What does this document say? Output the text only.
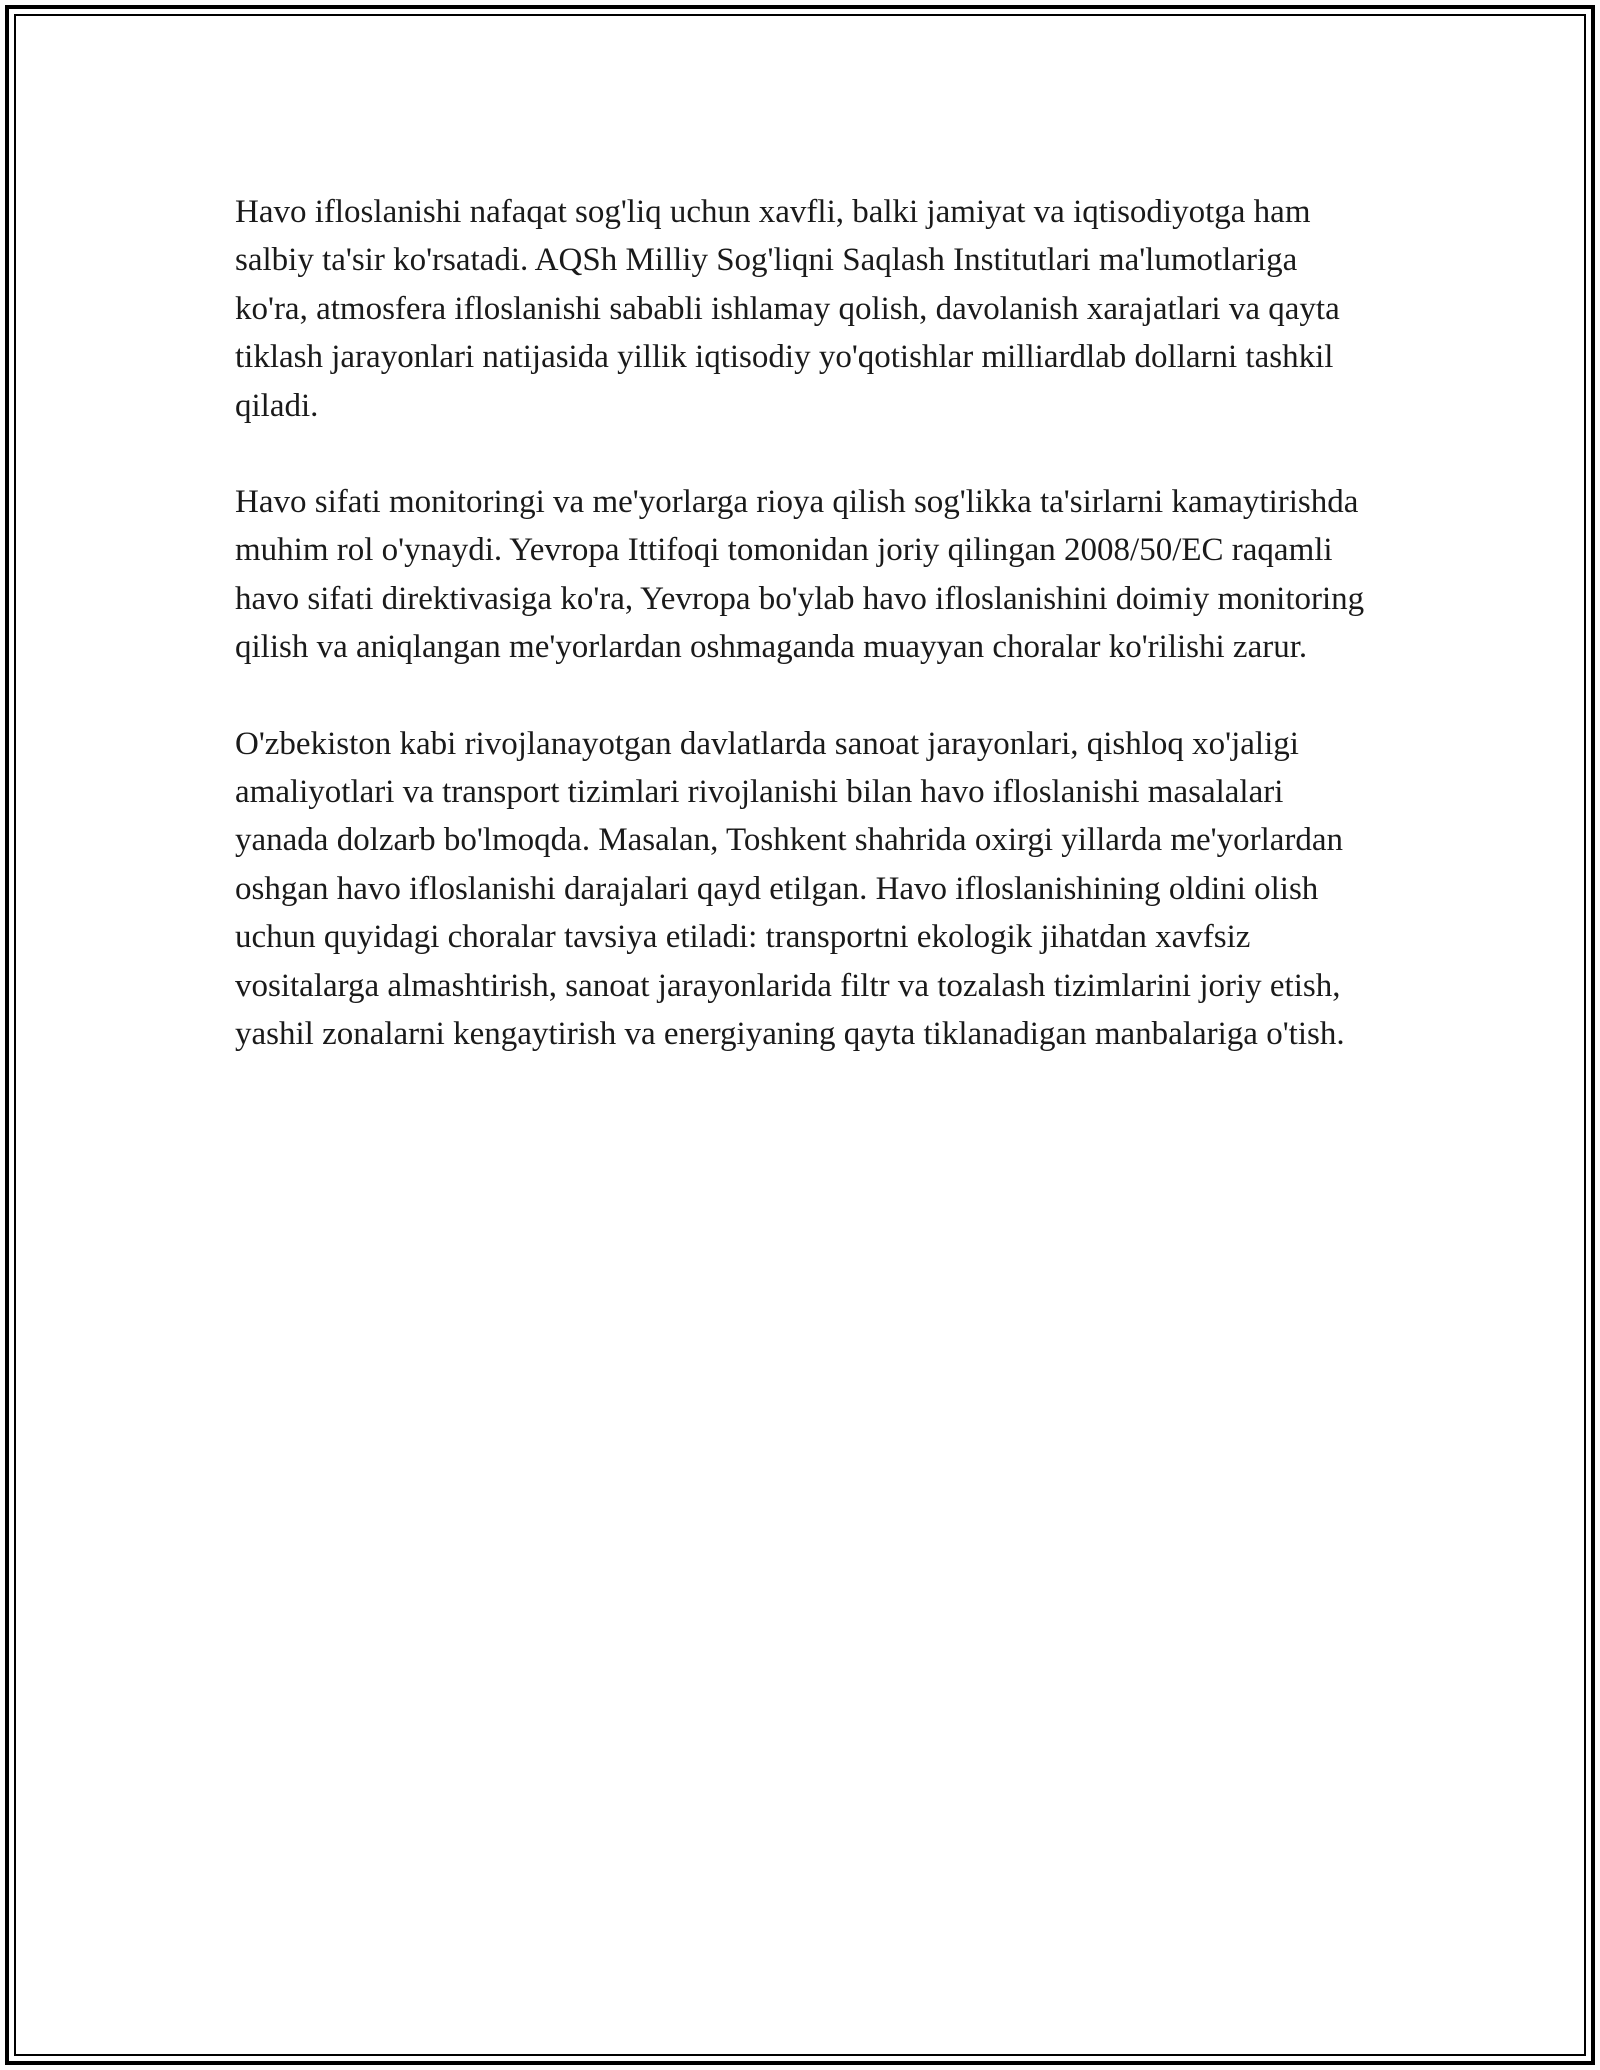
Havo ifloslanishi nafaqat sog'liq uchun xavfli, balki jamiyat va iqtisodiyotga ham salbiy ta'sir ko'rsatadi. AQSh Milliy Sog'liqni Saqlash Institutlari ma'lumotlariga ko'ra, atmosfera ifloslanishi sababli ishlamay qolish, davolanish xarajatlari va qayta tiklash jarayonlari natijasida yillik iqtisodiy yo'qotishlar milliardlab dollarni tashkil qiladi.

Havo sifati monitoringi va me'yorlarga rioya qilish sog'likka ta'sirlarni kamaytirishda muhim rol o'ynaydi. Yevropa Ittifoqi tomonidan joriy qilingan 2008/50/EC raqamli havo sifati direktivasiga ko'ra, Yevropa bo'ylab havo ifloslanishini doimiy monitoring qilish va aniqlangan me'yorlardan oshmaganda muayyan choralar ko'rilishi zarur.

O'zbekiston kabi rivojlanayotgan davlatlarda sanoat jarayonlari, qishloq xo'jaligi amaliyotlari va transport tizimlari rivojlanishi bilan havo ifloslanishi masalalari yanada dolzarb bo'lmoqda. Masalan, Toshkent shahrida oxirgi yillarda me'yorlardan oshgan havo ifloslanishi darajalari qayd etilgan. Havo ifloslanishining oldini olish uchun quyidagi choralar tavsiya etiladi: transportni ekologik jihatdan xavfsiz vositalarga almashtirish, sanoat jarayonlarida filtr va tozalash tizimlarini joriy etish, yashil zonalarni kengaytirish va energiyaning qayta tiklanadigan manbalariga o'tish.
